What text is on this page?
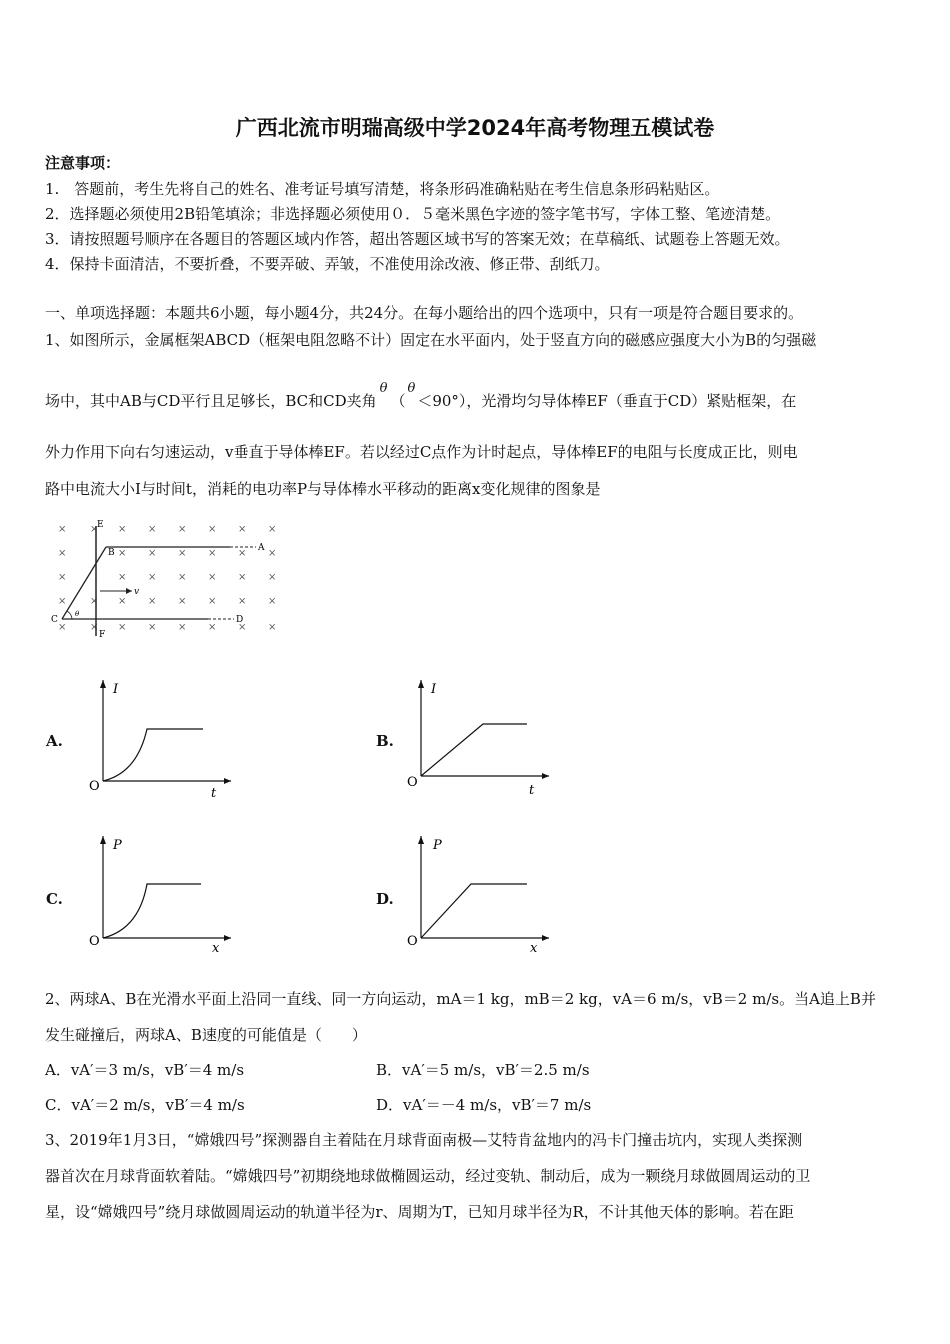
广西北流市明瑞高级中学2024年高考物理五模试卷
注意事项：
1.　答题前，考生先将自己的姓名、准考证号填写清楚，将条形码准确粘贴在考生信息条形码粘贴区。
2．选择题必须使用2B铅笔填涂；非选择题必须使用０．５毫米黑色字迹的签字笔书写，字体工整、笔迹清楚。
3．请按照题号顺序在各题目的答题区域内作答，超出答题区域书写的答案无效；在草稿纸、试题卷上答题无效。
4．保持卡面清洁，不要折叠，不要弄破、弄皱，不准使用涂改液、修正带、刮纸刀。
一、单项选择题：本题共6小题，每小题4分，共24分。在每小题给出的四个选项中，只有一项是符合题目要求的。
1、如图所示，金属框架ABCD（框架电阻忽略不计）固定在水平面内，处于竖直方向的磁感应强度大小为B的匀强磁
场中，其中AB与CD平行且足够长，BC和CD夹角θ（θ＜90°），光滑均匀导体棒EF（垂直于CD）紧贴框架，在
外力作用下向右匀速运动，v垂直于导体棒EF。若以经过C点作为计时起点，导体棒EF的电阻与长度成正比，则电
路中电流大小I与时间t，消耗的电功率P与导体棒水平移动的距离x变化规律的图象是
× × × × × × × ×
×	× × × × × ×
×	× × × × × ×
× × × × × × × ×
× × × × × × × ×
E
F
A
B
C	D
v
θ
A.
I
O	t
B.
I
O
t
C.
P
O	x
D.
P
O	x
2、两球A、B在光滑水平面上沿同一直线、同一方向运动，mA＝1 kg，mB＝2 kg，vA＝6 m/s，vB＝2 m/s。当A追上B并
发生碰撞后，两球A、B速度的可能值是（　　）
A．vA′＝3 m/s，vB′＝4 m/s	B．vA′＝5 m/s，vB′＝2.5 m/s
C．vA′＝2 m/s，vB′＝4 m/s	D．vA′＝－4 m/s，vB′＝7 m/s
3、2019年1月3日，“嫦娥四号”探测器自主着陆在月球背面南极—艾特肯盆地内的冯卡门撞击坑内，实现人类探测
器首次在月球背面软着陆。“嫦娥四号”初期绕地球做椭圆运动，经过变轨、制动后，成为一颗绕月球做圆周运动的卫
星，设“嫦娥四号”绕月球做圆周运动的轨道半径为r、周期为T，已知月球半径为R，不计其他天体的影响。若在距
